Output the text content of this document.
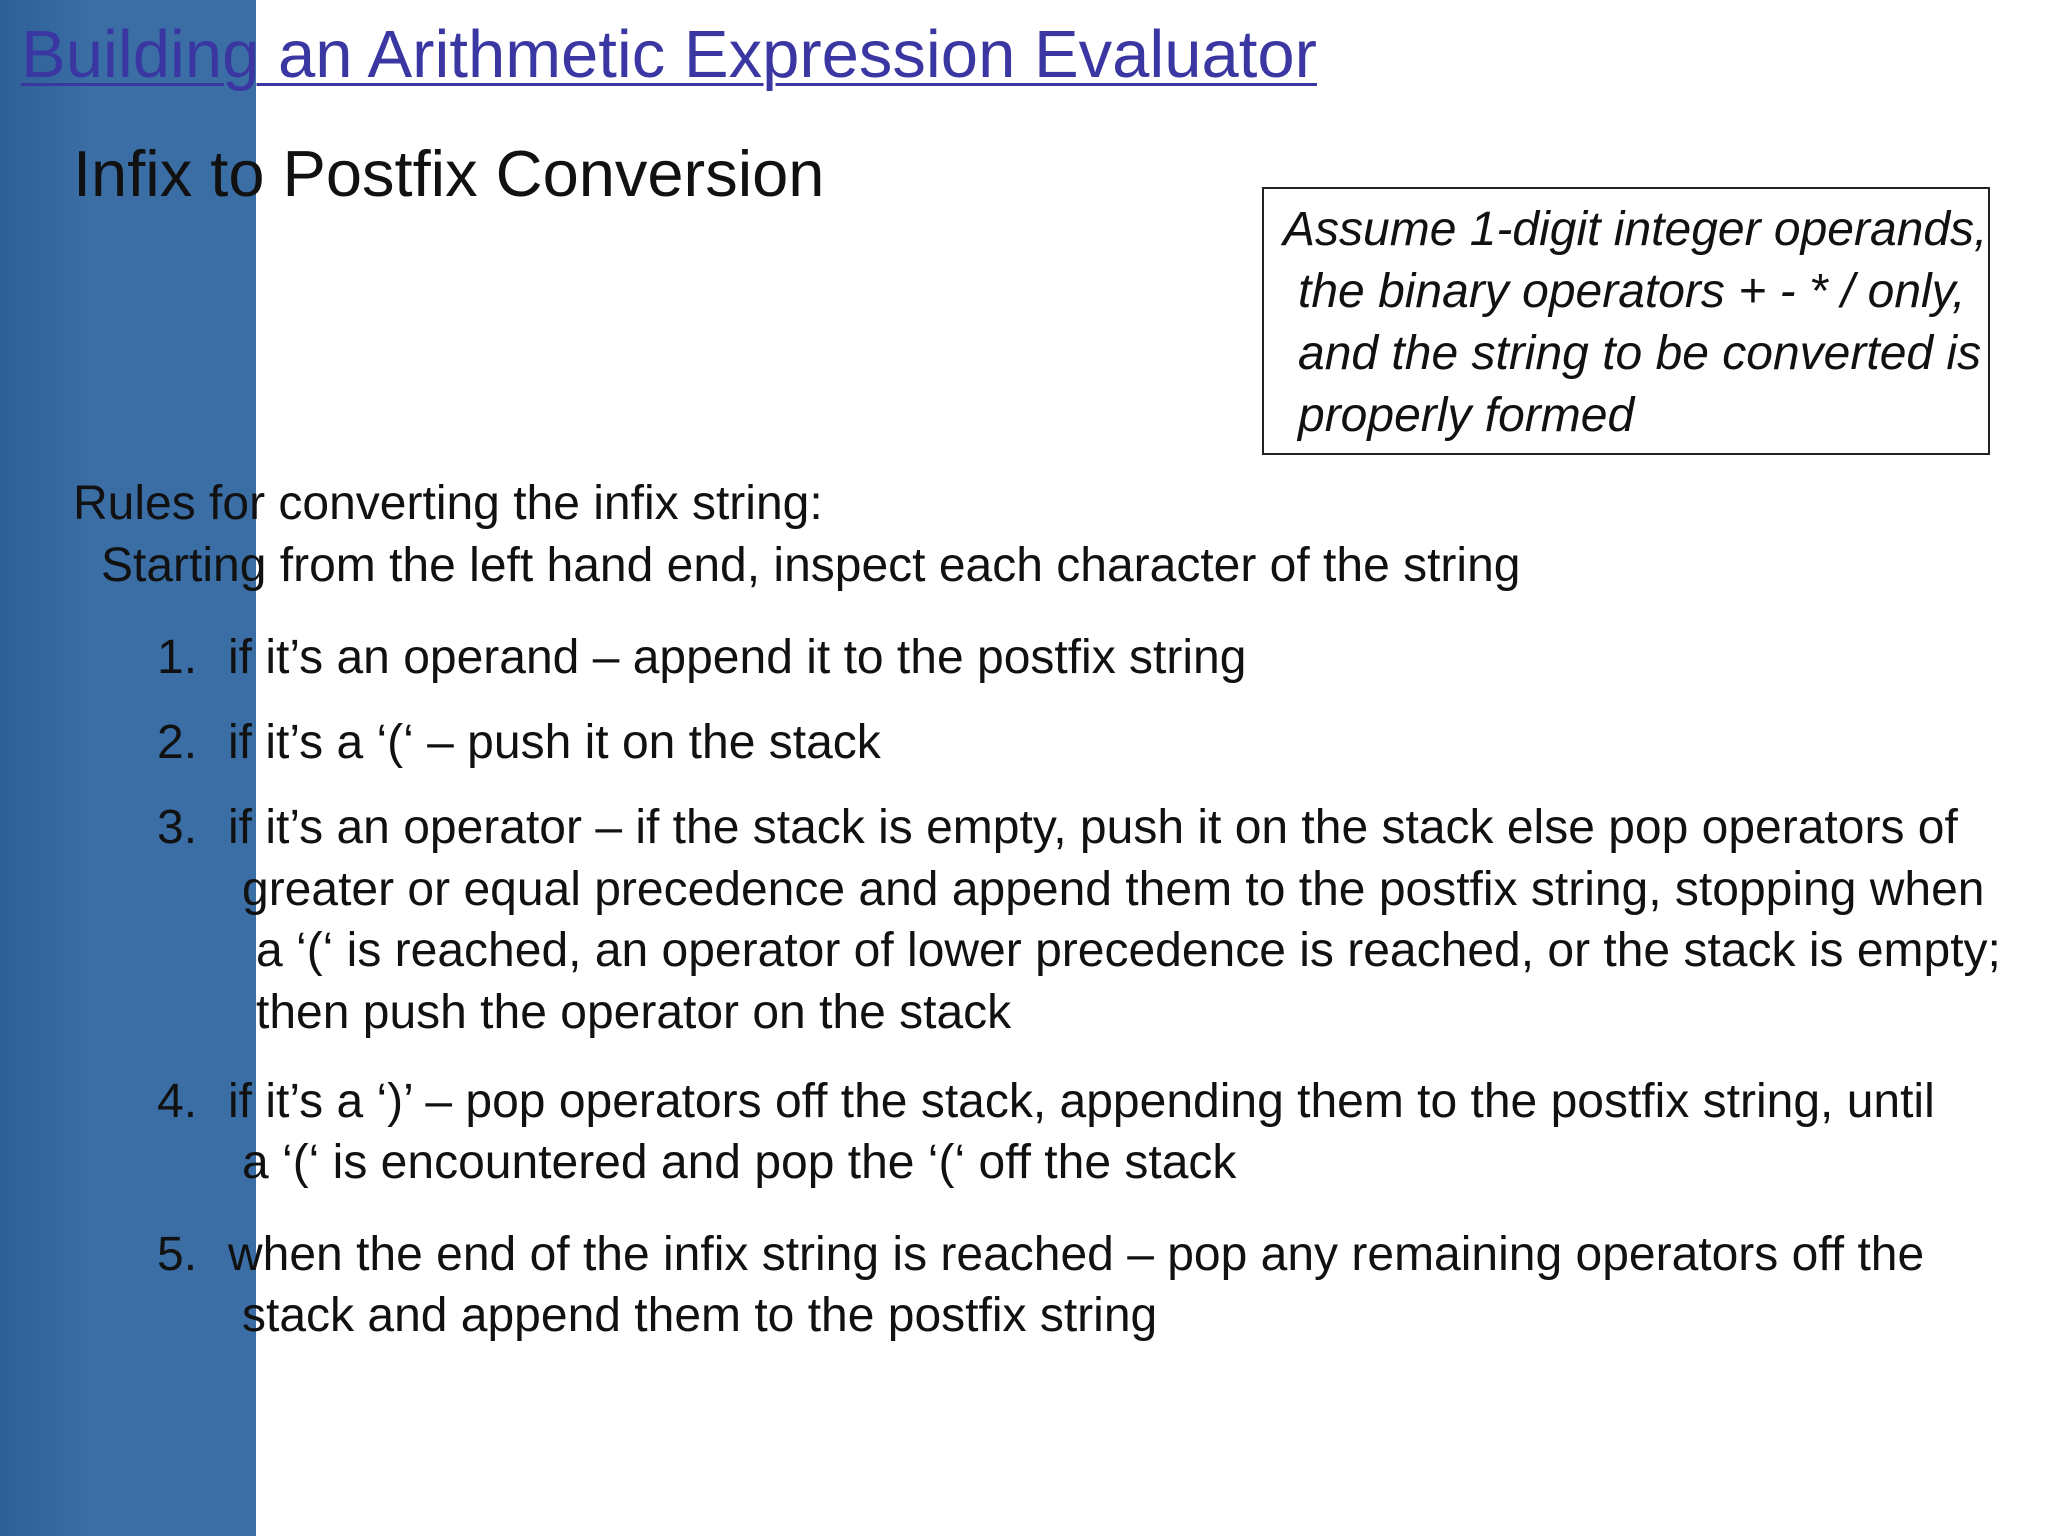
Building an Arithmetic Expression Evaluator
Infix to Postfix Conversion
Assume 1-digit integer operands,
the binary operators + - * / only,
and the string to be converted is
properly formed
Rules for converting the infix string:
Starting from the left hand end, inspect each character of the string
1. if it’s an operand – append it to the postfix string
2. if it’s a ‘(‘ – push it on the stack
3. if it’s an operator – if the stack is empty, push it on the stack else pop operators of
greater or equal precedence and append them to the postfix string, stopping when
a ‘(‘ is reached, an operator of lower precedence is reached, or the stack is empty;
then push the operator on the stack
4. if it’s a ‘)’ – pop operators off the stack, appending them to the postfix string, until
a ‘(‘ is encountered and pop the ‘(‘ off the stack
5. when the end of the infix string is reached – pop any remaining operators off the
stack and append them to the postfix string
